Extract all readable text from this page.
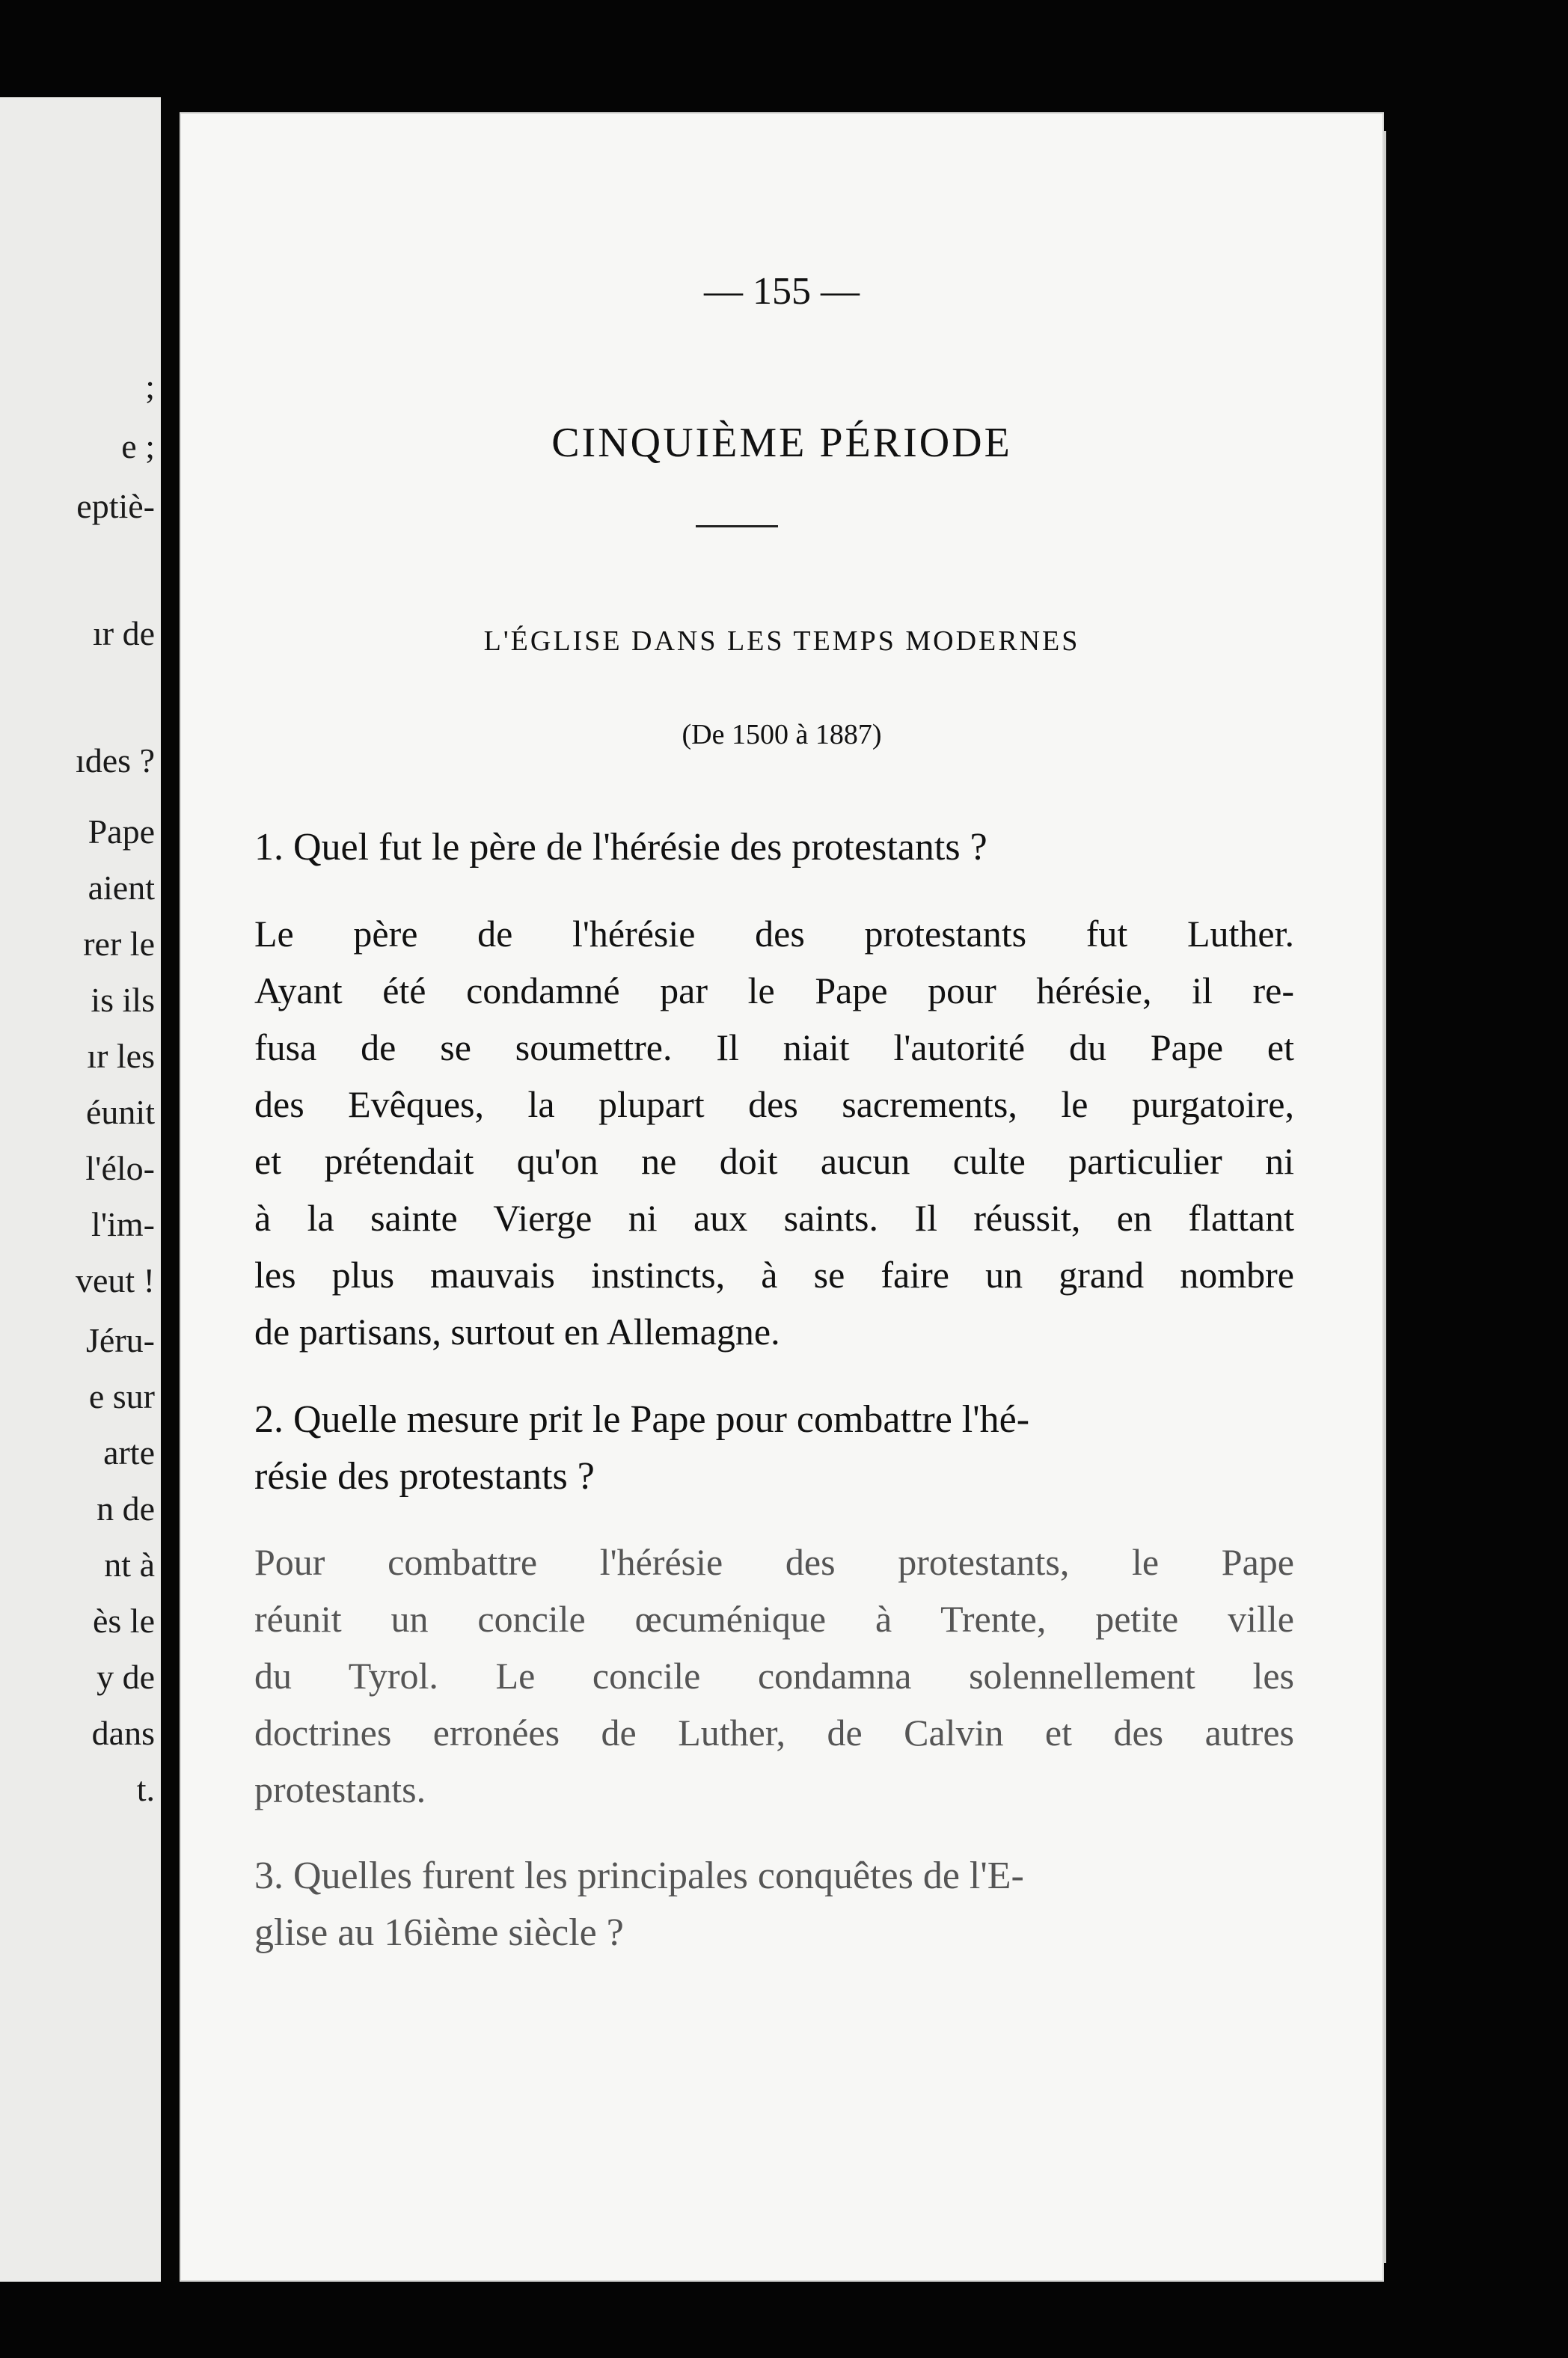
;
e ;
eptiè-
ır de
ıdes ?
Pape
aient
rer le
is ils
ır les
éunit
l'élo-
l'im-
veut !
Jéru-
e sur
arte
n de
nt à
ès le
y de
dans
t.
— 155 —
CINQUIÈME PÉRIODE
L'ÉGLISE DANS LES TEMPS MODERNES
(De 1500 à 1887)
1. Quel fut le père de l'hérésie des protestants ?
Le père de l'hérésie des protestants fut Luther.
Ayant été condamné par le Pape pour hérésie, il re-
fusa de se soumettre. Il niait l'autorité du Pape et
des Evêques, la plupart des sacrements, le purgatoire,
et prétendait qu'on ne doit aucun culte particulier ni
à la sainte Vierge ni aux saints. Il réussit, en flattant
les plus mauvais instincts, à se faire un grand nombre
de partisans, surtout en Allemagne.
2. Quelle mesure prit le Pape pour combattre l'hé-
résie des protestants ?
Pour combattre l'hérésie des protestants, le Pape
réunit un concile œcuménique à Trente, petite ville
du Tyrol. Le concile condamna solennellement les
doctrines erronées de Luther, de Calvin et des autres
protestants.
3. Quelles furent les principales conquêtes de l'E-
glise au 16ième siècle ?
